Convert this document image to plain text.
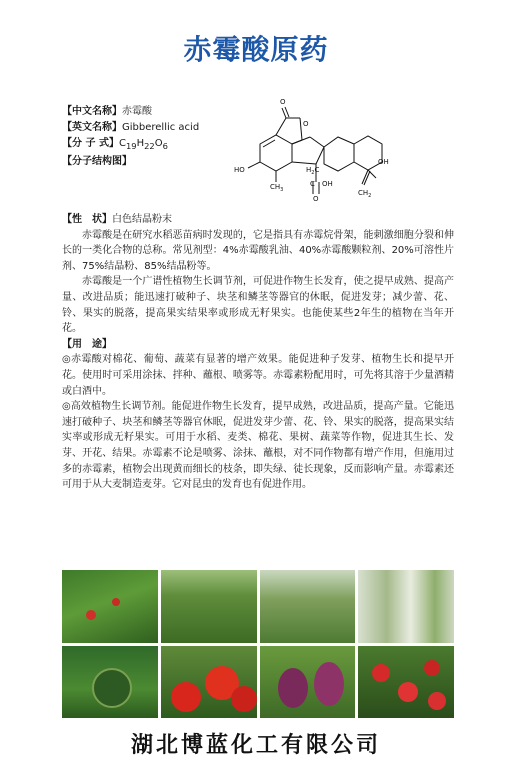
赤霉酸原药
【中文名称】赤霉酸
【英文名称】Gibberellic acid
【分 子 式】$C_{19}H_{22}O_6$
【分子结构图】
O
O
OH
HO
$CH_3$
$H_2C$
C OH
O
$CH_2$

【性　状】白色结晶粉末

赤霉酸是在研究水稻恶苗病时发现的，它是指具有赤霉烷骨架，能刺激细胞分裂和伸长的一类化合物的总称。常见剂型：4%赤霉酸乳油、40%赤霉酸颗粒剂、20%可溶性片剂、75%结晶粉、85%结晶粉等。

赤霉酸是一个广谱性植物生长调节剂，可促进作物生长发育，使之提早成熟、提高产量、改进品质；能迅速打破种子、块茎和鳞茎等器官的休眠，促进发芽；减少蕾、花、铃、果实的脱落，提高果实结果率或形成无籽果实。也能使某些2年生的植物在当年开花。

【用　途】

◎赤霉酸对棉花、葡萄、蔬菜有显著的增产效果。能促进种子发芽、植物生长和提早开花。使用时可采用涂抹、拌种、蘸根、喷雾等。赤霉素粉配用时，可先将其溶于少量酒精或白酒中。

◎高效植物生长调节剂。能促进作物生长发育，提早成熟，改进品质，提高产量。它能迅速打破种子、块茎和鳞茎等器官休眠，促进发芽少蕾、花、铃、果实的脱落，提高果实结实率或形成无籽果实。可用于水稻、麦类、棉花、果树、蔬菜等作物，促进其生长、发芽、开花、结果。赤霉素不论是喷雾、涂抹、蘸根，对不同作物都有增产作用，但施用过多的赤霉素，植物会出现黄而细长的枝条，即失绿、徒长现象，反而影响产量。赤霉素还可用于从大麦制造麦芽。它对昆虫的发育也有促进作用。

湖北博蓝化工有限公司
